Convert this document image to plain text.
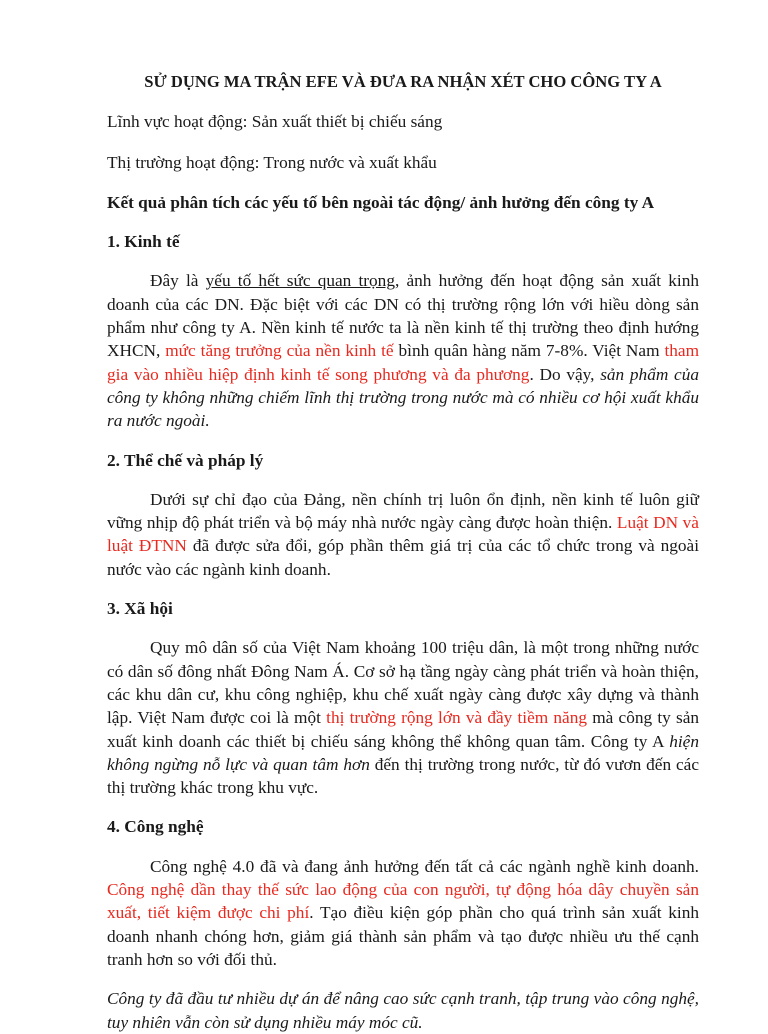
SỬ DỤNG MA TRẬN EFE VÀ ĐƯA RA NHẬN XÉT CHO CÔNG TY A
Lĩnh vực hoạt động: Sản xuất thiết bị chiếu sáng
Thị trường hoạt động: Trong nước và xuất khẩu
Kết quả phân tích các yếu tố bên ngoài tác động/ ảnh hưởng đến công ty A
1. Kinh tế

Đây là yếu tố hết sức quan trọng, ảnh hưởng đến hoạt động sản xuất kinh doanh của các DN. Đặc biệt với các DN có thị trường rộng lớn với hiều dòng sản phẩm như công ty A. Nền kinh tế nước ta là nền kinh tế thị trường theo định hướng XHCN, mức tăng trưởng của nền kinh tế bình quân hàng năm 7-8%. Việt Nam tham gia vào nhiều hiệp định kinh tế song phương và đa phương. Do vậy, sản phẩm của công ty không những chiếm lĩnh thị trường trong nước mà có nhiều cơ hội xuất khẩu ra nước ngoài.

2. Thể chế và pháp lý

Dưới sự chỉ đạo của Đảng, nền chính trị luôn ổn định, nền kinh tế luôn giữ vững nhịp độ phát triển và bộ máy nhà nước ngày càng được hoàn thiện. Luật DN và luật ĐTNN đã được sửa đổi, góp phần thêm giá trị của các tổ chức trong và ngoài nước vào các ngành kinh doanh.

3. Xã hội

Quy mô dân số của Việt Nam khoảng 100 triệu dân, là một trong những nước có dân số đông nhất Đông Nam Á. Cơ sở hạ tầng ngày càng phát triển và hoàn thiện, các khu dân cư, khu công nghiệp, khu chế xuất ngày càng được xây dựng và thành lập. Việt Nam được coi là một thị trường rộng lớn và đầy tiềm năng mà công ty sản xuất kinh doanh các thiết bị chiếu sáng không thể không quan tâm. Công ty A hiện không ngừng nỗ lực và quan tâm hơn đến thị trường trong nước, từ đó vươn đến các thị trường khác trong khu vực.

4. Công nghệ

Công nghệ 4.0 đã và đang ảnh hưởng đến tất cả các ngành nghề kinh doanh. Công nghệ dần thay thế sức lao động của con người, tự động hóa dây chuyền sản xuất, tiết kiệm được chi phí. Tạo điều kiện góp phần cho quá trình sản xuất kinh doanh nhanh chóng hơn, giảm giá thành sản phẩm và tạo được nhiều ưu thế cạnh tranh hơn so với đối thủ.

Công ty đã đầu tư nhiều dự án để nâng cao sức cạnh tranh, tập trung vào công nghệ, tuy nhiên vẫn còn sử dụng nhiều máy móc cũ.
